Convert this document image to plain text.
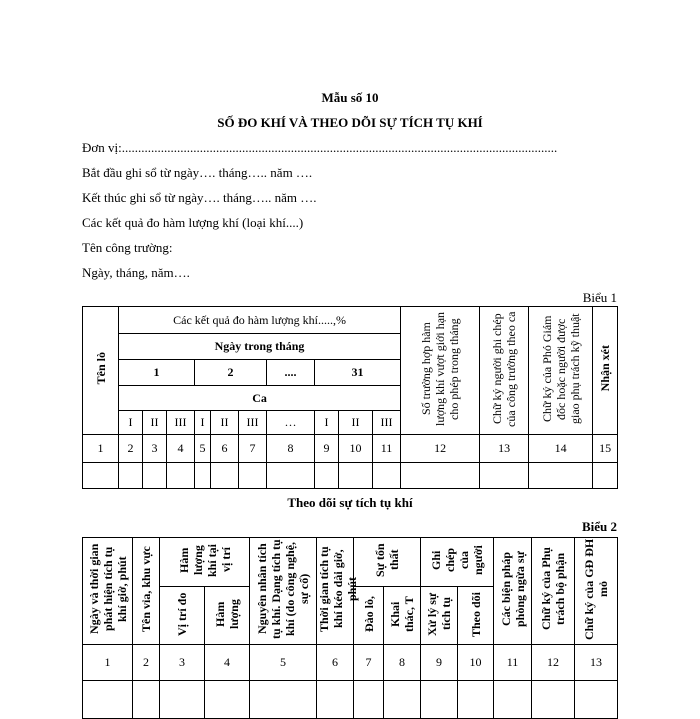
Mẫu số 10
SỐ ĐO KHÍ VÀ THEO DÕI SỰ TÍCH TỤ KHÍ
Đơn vị:......................................................................................................................................
Bắt đầu ghi sổ từ ngày…. tháng….. năm ….
Kết thúc ghi sổ từ ngày…. tháng….. năm ….
Các kết quả đo hàm lượng khí (loại khí....)
Tên công trường:
Ngày, tháng, năm….
Biểu 1
Tên lò	Các kết quả đo hàm lượng khí.....,%										Số trường hợp hàm lượng khí vượt giới hạn cho phép trong tháng	Chữ ký người ghi chép của công trường theo ca	Chữ ký của Phó Giám đốc hoặc người được giao phụ trách kỹ thuật	Nhận xét
	Ngày trong tháng													
	1			2			....	31						
	Ca													
	I	II	III	I	II	III	…	I	II	III				
1	2	3	4	5	6	7	8	9	10	11	12	13	14	15

Theo dõi sự tích tụ khí
Biểu 2
Ngày và thời gian phát hiện tích tụ khí giờ, phút	Tên vỉa, khu vực	Hàm lượng khí tại vị trí		Nguyên nhân tích tụ khí. Dạng tích tụ khí (do công nghệ, sự cố)	Thời gian tích tụ khí kéo dài giờ, phút	Sự tổn thất		Ghi chép của người		Các biện pháp phòng ngừa sự	Chữ ký của Phụ trách bộ phận	Chữ ký của GĐ ĐH mỏ
		Vị trí đo	Hàm lượng			Đào lò,	Khai thác, T	Xử lý sự tích tụ	Theo dõi			
1	2	3	4	5	6	7	8	9	10	11	12	13
